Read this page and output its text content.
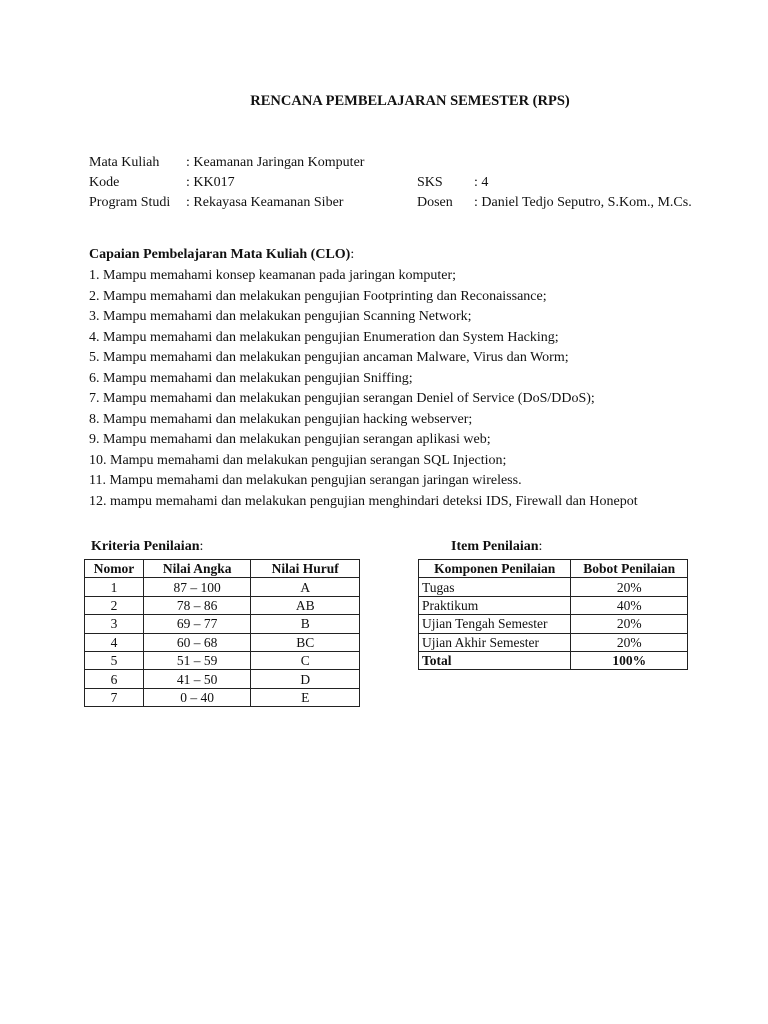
RENCANA PEMBELAJARAN SEMESTER (RPS)
Mata Kuliah : Keamanan Jaringan Komputer
Kode	: KK017	SKS : 4
Program Studi : Rekayasa Keamanan Siber	Dosen : Daniel Tedjo Seputro, S.Kom., M.Cs.
Capaian Pembelajaran Mata Kuliah (CLO):
1. Mampu memahami konsep keamanan pada jaringan komputer;
2. Mampu memahami dan melakukan pengujian Footprinting dan Reconaissance;
3. Mampu memahami dan melakukan pengujian Scanning Network;
4. Mampu memahami dan melakukan pengujian Enumeration dan System Hacking;
5. Mampu memahami dan melakukan pengujian ancaman Malware, Virus dan Worm;
6. Mampu memahami dan melakukan pengujian Sniffing;
7. Mampu memahami dan melakukan pengujian serangan Deniel of Service (DoS/DDoS);
8. Mampu memahami dan melakukan pengujian hacking webserver;
9. Mampu memahami dan melakukan pengujian serangan aplikasi web;
10. Mampu memahami dan melakukan pengujian serangan SQL Injection;
11. Mampu memahami dan melakukan pengujian serangan jaringan wireless.
12. mampu memahami dan melakukan pengujian menghindari deteksi IDS, Firewall dan Honepot
Kriteria Penilaian:
Nomor	Nilai Angka	Nilai Huruf
1	87 – 100	A
2	78 – 86	AB
3	69 – 77	B
4	60 – 68	BC
5	51 – 59	C
6	41 – 50	D
7	0 – 40	E
Item Penilaian:
Komponen Penilaian	Bobot Penilaian
Tugas	20%
Praktikum	40%
Ujian Tengah Semester	20%
Ujian Akhir Semester	20%
Total	100%
